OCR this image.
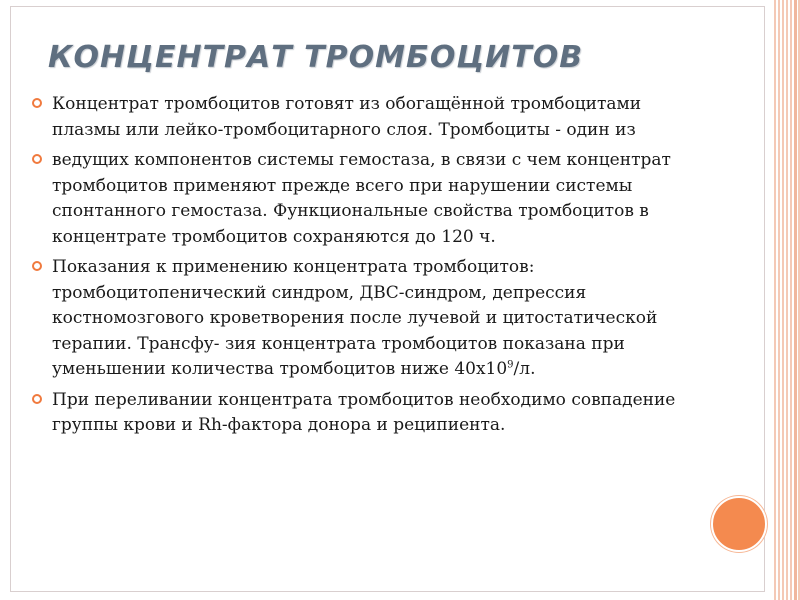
КОНЦЕНТРАТ ТРОМБОЦИТОВ
Концентрат тромбоцитов готовят из обогащённой тромбоцитами плазмы или лейко-тромбоцитарного слоя. Тромбоциты - один из
ведущих компонентов системы гемостаза, в связи с чем концентрат тромбоцитов применяют прежде всего при нарушении системы спонтанного гемостаза. Функциональные свойства тромбоцитов в концентрате тромбоцитов сохраняются до 120 ч.
Показания к применению концентрата тромбоцитов: тромбоцитопенический синдром, ДВС-синдром, депрессия костномозгового кроветворения после лучевой и цитостатической терапии. Трансфу- зия концентрата тромбоцитов показана при уменьшении количества тромбоцитов ниже $40х10^9/л$.
При переливании концентрата тромбоцитов необходимо совпадение группы крови и Rh-фактора донора и реципиента.
